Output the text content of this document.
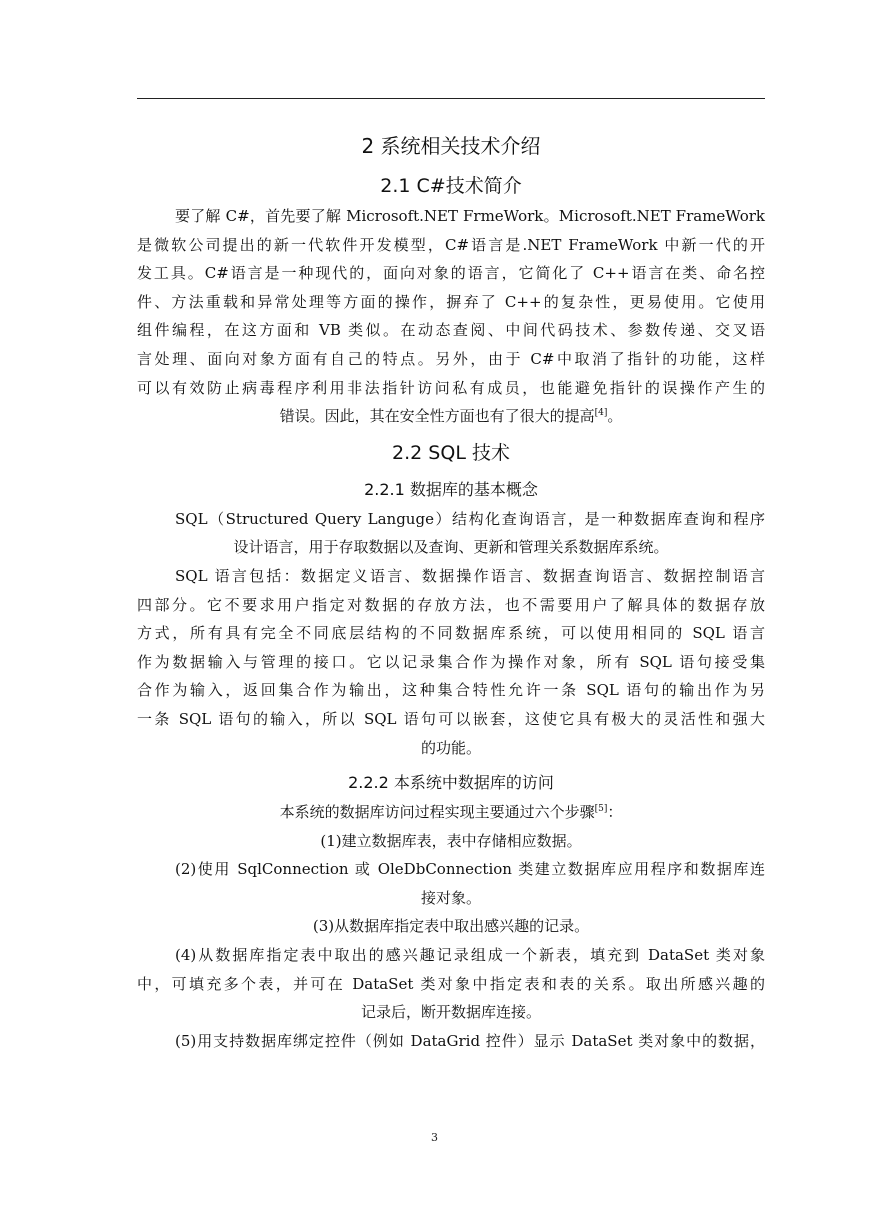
2 系统相关技术介绍
2.1 C#技术简介

要了解 C#，首先要了解 Microsoft.NET FrmeWork。Microsoft.NET FrameWork

是微软公司提出的新一代软件开发模型，C#语言是.NET FrameWork 中新一代的开

发工具。C#语言是一种现代的，面向对象的语言，它简化了 C++语言在类、命名控

件、方法重载和异常处理等方面的操作，摒弃了 C++的复杂性，更易使用。它使用

组件编程，在这方面和 VB 类似。在动态查阅、中间代码技术、参数传递、交叉语

言处理、面向对象方面有自己的特点。另外，由于 C#中取消了指针的功能，这样

可以有效防止病毒程序利用非法指针访问私有成员，也能避免指针的误操作产生的

错误。因此，其在安全性方面也有了很大的提高[4]。

2.2 SQL 技术
2.2.1 数据库的基本概念

SQL（Structured Query Languge）结构化查询语言，是一种数据库查询和程序

设计语言，用于存取数据以及查询、更新和管理关系数据库系统。

SQL 语言包括：数据定义语言、数据操作语言、数据查询语言、数据控制语言

四部分。它不要求用户指定对数据的存放方法，也不需要用户了解具体的数据存放

方式，所有具有完全不同底层结构的不同数据库系统，可以使用相同的 SQL 语言

作为数据输入与管理的接口。它以记录集合作为操作对象，所有 SQL 语句接受集

合作为输入，返回集合作为输出，这种集合特性允许一条 SQL 语句的输出作为另

一条 SQL 语句的输入，所以 SQL 语句可以嵌套，这使它具有极大的灵活性和强大

的功能。

2.2.2 本系统中数据库的访问

本系统的数据库访问过程实现主要通过六个步骤[5]：

(1)建立数据库表，表中存储相应数据。

(2)使用 SqlConnection 或 OleDbConnection 类建立数据库应用程序和数据库连

接对象。

(3)从数据库指定表中取出感兴趣的记录。

(4)从数据库指定表中取出的感兴趣记录组成一个新表，填充到 DataSet 类对象

中，可填充多个表，并可在 DataSet 类对象中指定表和表的关系。取出所感兴趣的

记录后，断开数据库连接。

(5)用支持数据库绑定控件（例如 DataGrid 控件）显示 DataSet 类对象中的数据，

3
